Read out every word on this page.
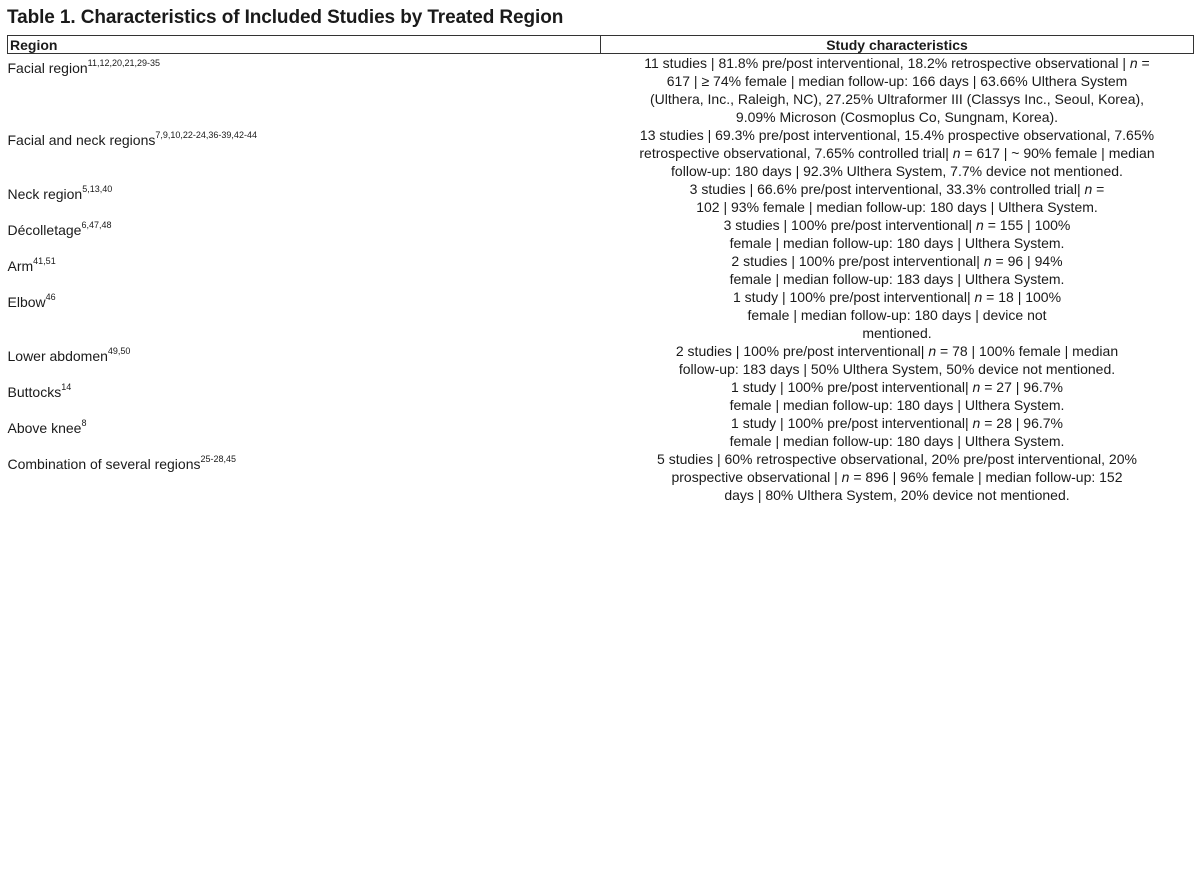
Table 1. Characteristics of Included Studies by Treated Region
Region	Study characteristics
Facial region$^{11,12,20,21,29-35}$	11 studies | 81.8% pre/post interventional, 18.2% retrospective observational | n = 617 | ≥ 74% female | median follow-up: 166 days | 63.66% Ulthera System (Ulthera, Inc., Raleigh, NC), 27.25% Ultraformer III (Classys Inc., Seoul, Korea), 9.09% Microson (Cosmoplus Co, Sungnam, Korea).
Facial and neck regions$^{7,9,10,22-24,36-39,42-44}$	13 studies | 69.3% pre/post interventional, 15.4% prospective observational, 7.65% retrospective observational, 7.65% controlled trial| n = 617 | ~ 90% female | median follow-up: 180 days | 92.3% Ulthera System, 7.7% device not mentioned.
Neck region$^{5,13,40}$	3 studies | 66.6% pre/post interventional, 33.3% controlled trial| n = 102 | 93% female | median follow-up: 180 days | Ulthera System.
Décolletage$^{6,47,48}$	3 studies | 100% pre/post interventional| n = 155 | 100% female | median follow-up: 180 days | Ulthera System.
Arm$^{41,51}$	2 studies | 100% pre/post interventional| n = 96 | 94% female | median follow-up: 183 days | Ulthera System.
Elbow$^{46}$	1 study | 100% pre/post interventional| n = 18 | 100% female | median follow-up: 180 days | device not mentioned.
Lower abdomen$^{49,50}$	2 studies | 100% pre/post interventional| n = 78 | 100% female | median follow-up: 183 days | 50% Ulthera System, 50% device not mentioned.
Buttocks$^{14}$	1 study | 100% pre/post interventional| n = 27 | 96.7% female | median follow-up: 180 days | Ulthera System.
Above knee$^8$	1 study | 100% pre/post interventional| n = 28 | 96.7% female | median follow-up: 180 days | Ulthera System.
Combination of several regions$^{25-28,45}$	5 studies | 60% retrospective observational, 20% pre/post interventional, 20% prospective observational | n = 896 | 96% female | median follow-up: 152 days | 80% Ulthera System, 20% device not mentioned.
